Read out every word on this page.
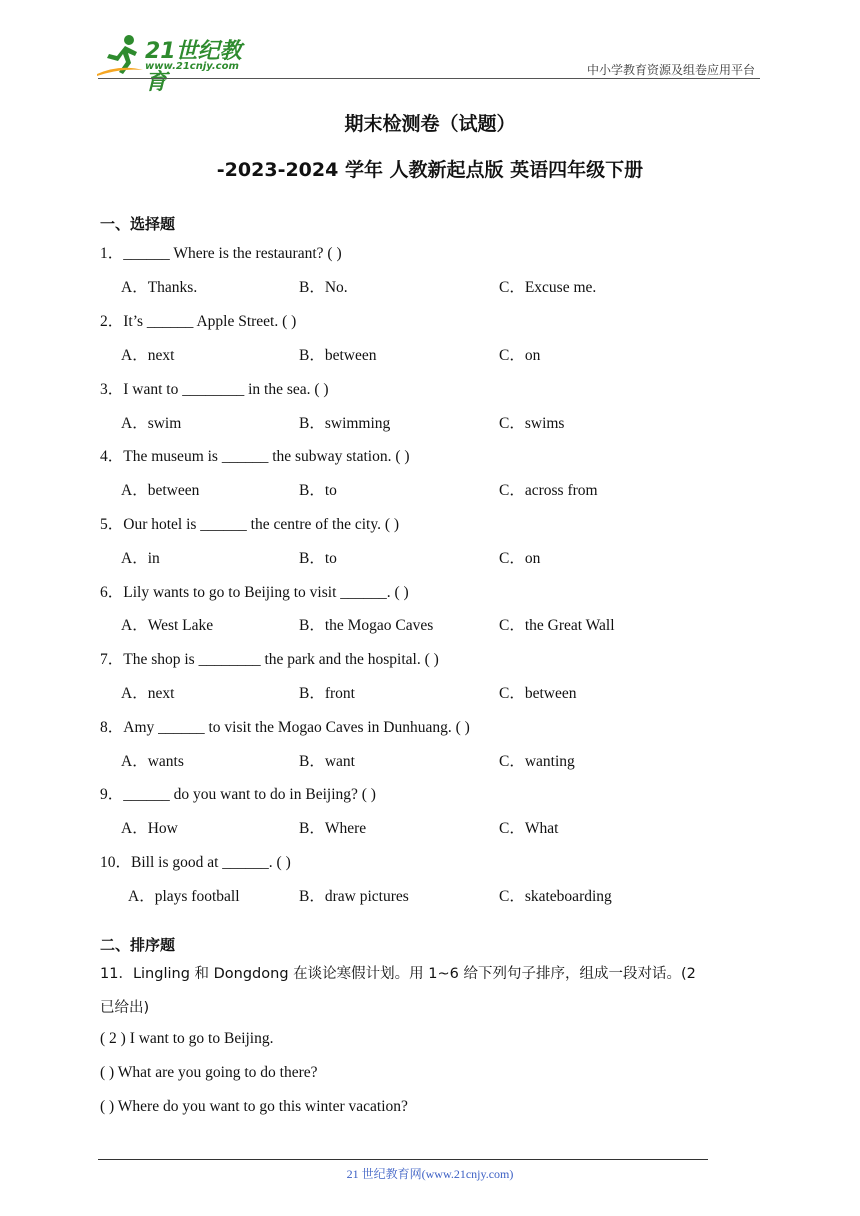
21世纪教育
www.21cnjy.com	中小学教育资源及组卷应用平台
期末检测卷（试题）
-2023-2024 学年 人教新起点版 英语四年级下册
一、选择题
1．______ Where is the restaurant? ( )
A．Thanks.	B．No.	C．Excuse me.
2．It’s ______ Apple Street. ( )
A．next	B．between	C．on
3．I want to ________ in the sea. ( )
A．swim	B．swimming	C．swims
4．The museum is ______ the subway station. ( )
A．between	B．to	C．across from
5．Our hotel is ______ the centre of the city. ( )
A．in	B．to	C．on
6．Lily wants to go to Beijing to visit ______. ( )
A．West Lake	B．the Mogao Caves	C．the Great Wall
7．The shop is ________ the park and the hospital. ( )
A．next	B．front	C．between
8．Amy ______ to visit the Mogao Caves in Dunhuang. ( )
A．wants	B．want	C．wanting
9．______ do you want to do in Beijing? ( )
A．How	B．Where	C．What
10．Bill is good at ______. ( )
A．plays football	B．draw pictures	C．skateboarding
二、排序题
11．Lingling 和 Dongdong 在谈论寒假计划。用 1~6 给下列句子排序，组成一段对话。(2
已给出)
( 2 ) I want to go to Beijing.
( ) What are you going to do there?
( ) Where do you want to go this winter vacation?
21 世纪教育网(www.21cnjy.com)
